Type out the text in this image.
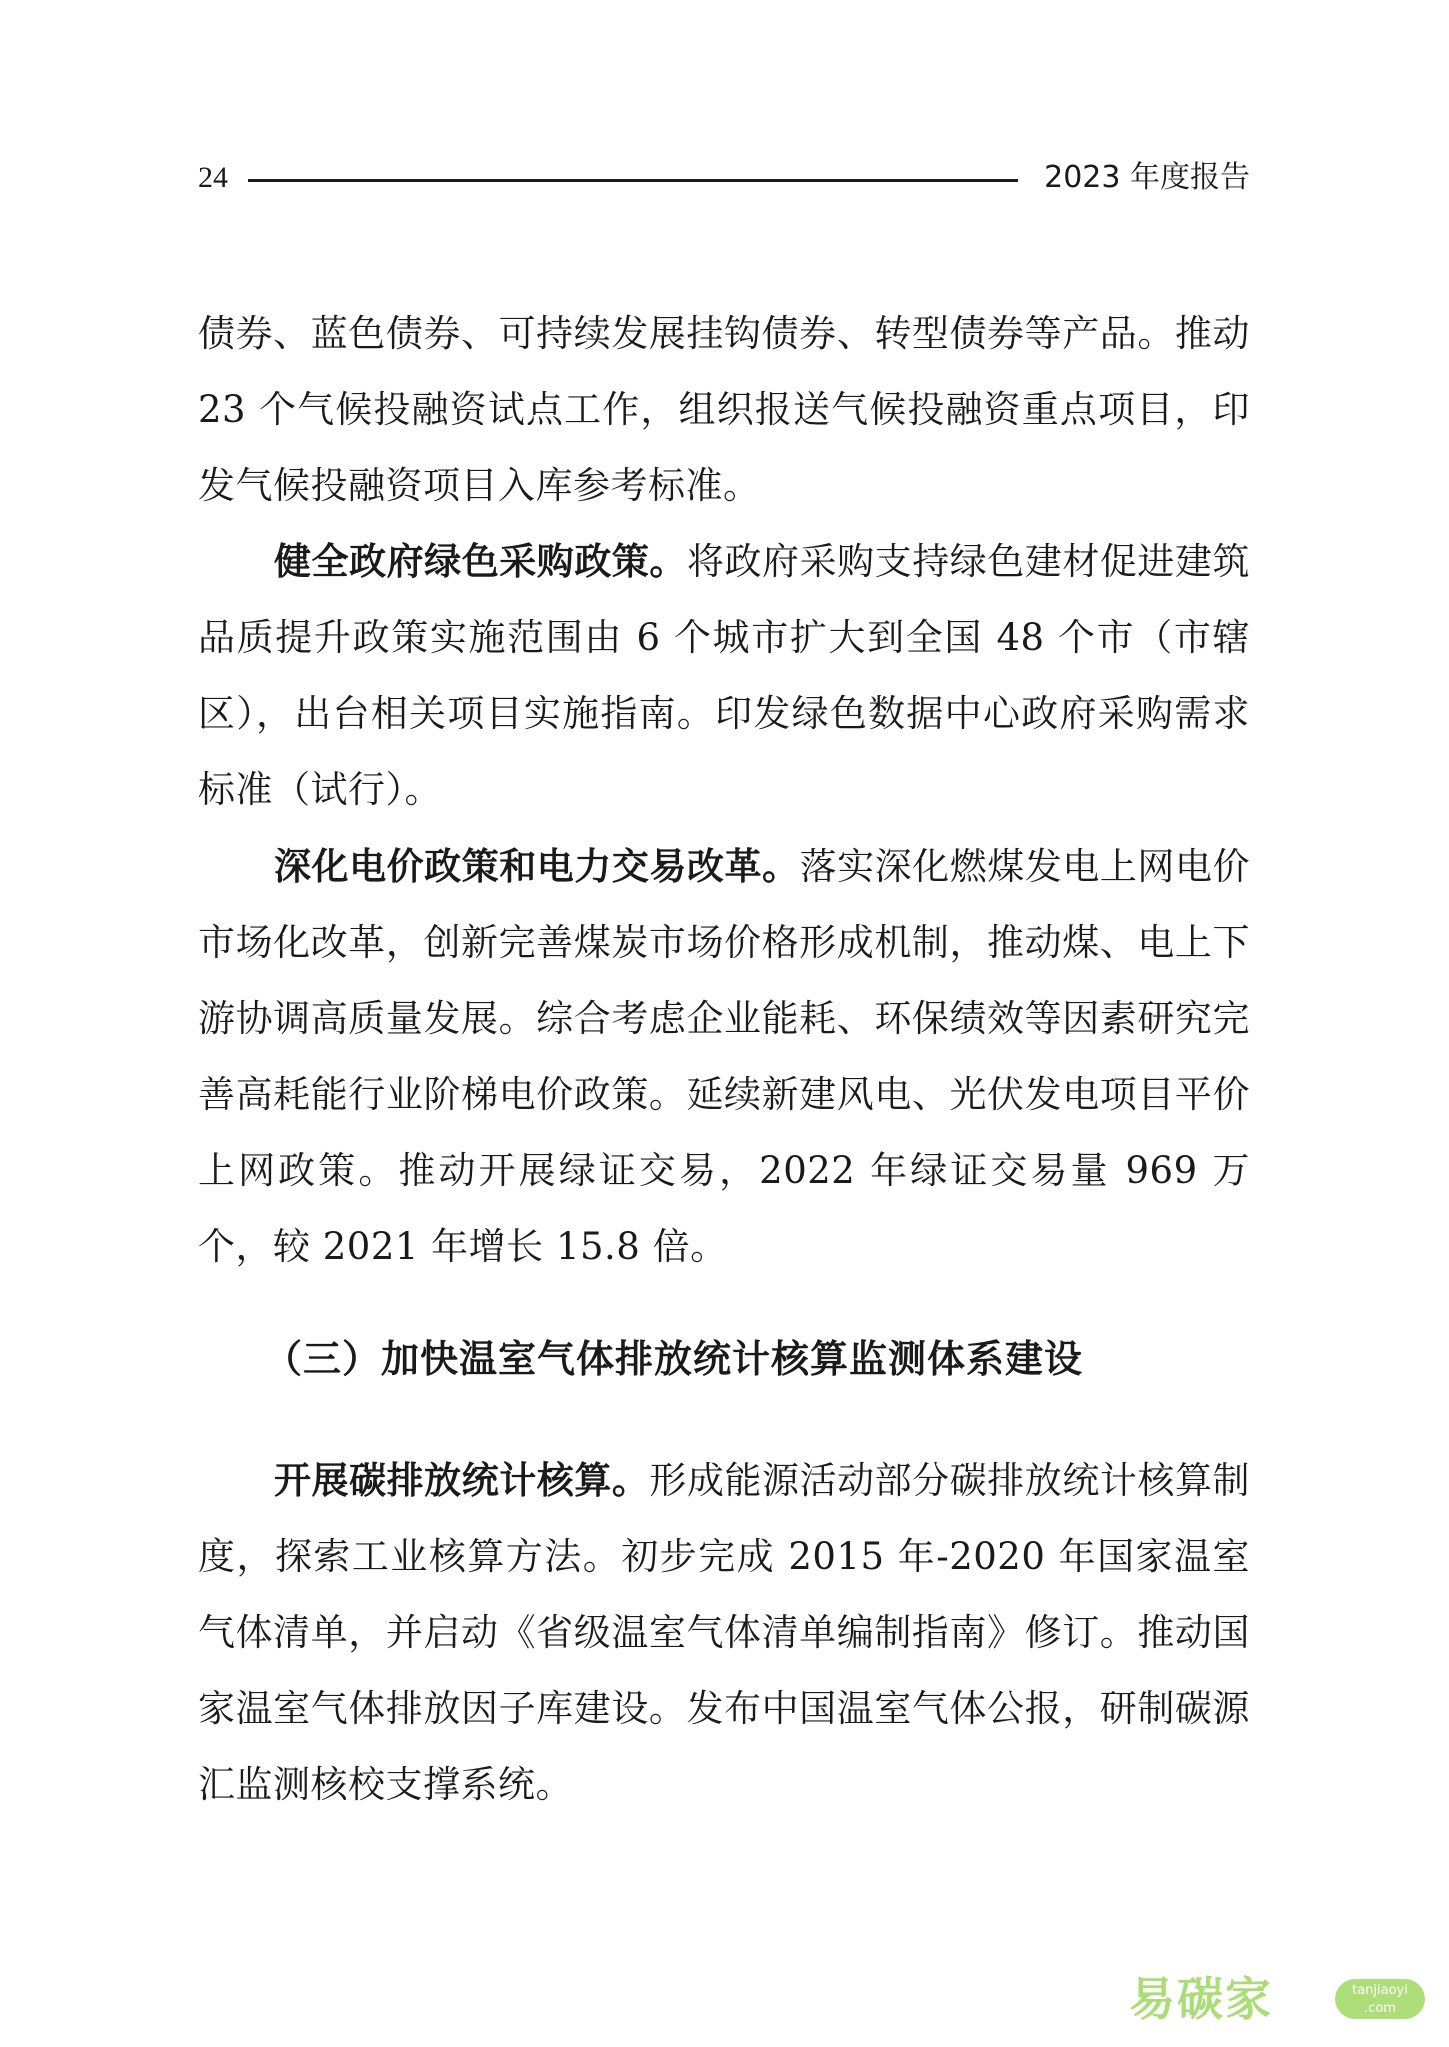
24	2023 年度报告

债券、蓝色债券、可持续发展挂钩债券、转型债券等产品。推动 23 个气候投融资试点工作，组织报送气候投融资重点项目，印发气候投融资项目入库参考标准。

健全政府绿色采购政策。将政府采购支持绿色建材促进建筑品质提升政策实施范围由 6 个城市扩大到全国 48 个市（市辖区），出台相关项目实施指南。印发绿色数据中心政府采购需求标准（试行）。

深化电价政策和电力交易改革。落实深化燃煤发电上网电价市场化改革，创新完善煤炭市场价格形成机制，推动煤、电上下游协调高质量发展。综合考虑企业能耗、环保绩效等因素研究完善高耗能行业阶梯电价政策。延续新建风电、光伏发电项目平价上网政策。推动开展绿证交易，2022 年绿证交易量 969 万个，较 2021 年增长 15.8 倍。

（三）加快温室气体排放统计核算监测体系建设

开展碳排放统计核算。形成能源活动部分碳排放统计核算制度，探索工业核算方法。初步完成 2015 年-2020 年国家温室气体清单，并启动《省级温室气体清单编制指南》修订。推动国家温室气体排放因子库建设。发布中国温室气体公报，研制碳源汇监测核校支撑系统。

易碳家	tanjiaoyi
.com
